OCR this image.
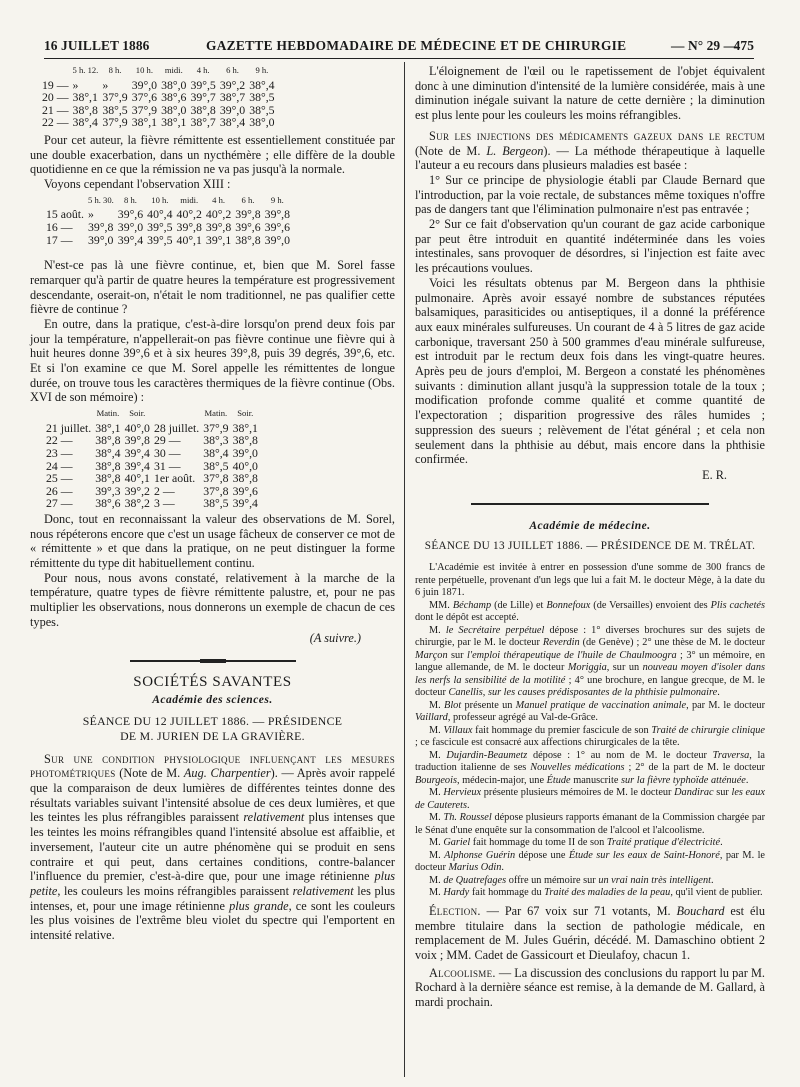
16 JUILLET 1886	GAZETTE HEBDOMADAIRE DE MÉDECINE ET DE CHIRURGIE	— N° 29 —
475
	5 h. 12.	8 h.	10 h.	midi.	4 h.	6 h.	9 h.
19 —	»	»	39°,0	38°,0	39°,5	39°,2	38°,4
20 —	38°,1	37°,9	37°,6	38°,6	39°,7	38°,7	38°,5
21 —	38°,8	38°,5	37°,9	38°,0	38°,8	39°,0	38°,5
22 —	38°,4	37°,9	38°,1	38°,1	38°,7	38°,4	38°,0

Pour cet auteur, la fièvre rémittente est essentiellement constituée par une double exacerbation, dans un nycthémère ; elle diffère de la double quotidienne en ce que la rémission ne va pas jusqu'à la normale.

Voyons cependant l'observation XIII :

	5 h. 30.	8 h.	10 h.	midi.	4 h.	6 h.	9 h.
15 août.	»	39°,6	40°,4	40°,2	40°,2	39°,8	39°,8
16 —	39°,8	39°,0	39°,5	39°,8	39°,8	39°,6	39°,6
17 —	39°,0	39°,4	39°,5	40°,1	39°,1	38°,8	39°,0

N'est-ce pas là une fièvre continue, et, bien que M. Sorel fasse remarquer qu'à partir de quatre heures la température est progressivement descendante, oserait-on, n'était le nom traditionnel, ne pas qualifier cette fièvre de continue ?

En outre, dans la pratique, c'est-à-dire lorsqu'on prend deux fois par jour la température, n'appellerait-on pas fièvre continue une fièvre qui à huit heures donne 39°,6 et à six heures 39°,8, puis 39 degrés, 39°,6, etc. Et si l'on examine ce que M. Sorel appelle les rémittentes de longue durée, on trouve tous les caractères thermiques de la fièvre continue (Obs. XVI de son mémoire) :

	Matin.	Soir.		Matin.	Soir.
21 juillet.	38°,1	40°,0	28 juillet.	37°,9	38°,1
22 —	38°,8	39°,8	29 —	38°,3	38°,8
23 —	38°,4	39°,4	30 —	38°,4	39°,0
24 —	38°,8	39°,4	31 —	38°,5	40°,0
25 —	38°,8	40°,1	1er août.	37°,8	38°,8
26 —	39°,3	39°,2	2 —	37°,8	39°,6
27 —	38°,6	38°,2	3 —	38°,5	39°,4

Donc, tout en reconnaissant la valeur des observations de M. Sorel, nous répéterons encore que c'est un usage fâcheux de conserver ce mot de « rémittente » et que dans la pratique, on ne peut distinguer la forme rémittente du type dit habituellement continu.

Pour nous, nous avons constaté, relativement à la marche de la température, quatre types de fièvre rémittente palustre, et, pour ne pas multiplier les observations, nous donnerons un exemple de chacun de ces types.

(A suivre.)
SOCIÉTÉS SAVANTES
Académie des sciences.
SÉANCE DU 12 JUILLET 1886. — PRÉSIDENCE
DE M. JURIEN DE LA GRAVIÈRE.

Sur une condition physiologique influençant les mesures photométriques (Note de M. Aug. Charpentier). — Après avoir rappelé que la comparaison de deux lumières de différentes teintes donne des résultats variables suivant l'intensité absolue de ces deux lumières, et que les teintes les plus réfrangibles paraissent relativement plus intenses que les teintes les moins réfrangibles quand l'intensité absolue est affaiblie, et inversement, l'auteur cite un autre phénomène qui se produit en sens contraire et qui peut, dans certaines conditions, contre-balancer l'influence du premier, c'est-à-dire que, pour une image rétinienne plus petite, les couleurs les moins réfrangibles paraissent relativement les plus intenses, et, pour une image rétinienne plus grande, ce sont les couleurs les plus voisines de l'extrême bleu violet du spectre qui l'emportent en intensité relative.

L'éloignement de l'œil ou le rapetissement de l'objet équivalent donc à une diminution d'intensité de la lumière considérée, mais à une diminution inégale suivant la nature de cette dernière ; la diminution est plus lente pour les couleurs les moins réfrangibles.

Sur les injections des médicaments gazeux dans le rectum (Note de M. L. Bergeon). — La méthode thérapeutique à laquelle l'auteur a eu recours dans plusieurs maladies est basée :

1° Sur ce principe de physiologie établi par Claude Bernard que l'introduction, par la voie rectale, de substances même toxiques n'offre pas de dangers tant que l'élimination pulmonaire n'est pas entravée ;

2° Sur ce fait d'observation qu'un courant de gaz acide carbonique par peut être introduit en quantité indéterminée dans les voies intestinales, sans provoquer de désordres, si l'injection est faite avec les précautions voulues.

Voici les résultats obtenus par M. Bergeon dans la phthisie pulmonaire. Après avoir essayé nombre de substances réputées balsamiques, parasiticides ou antiseptiques, il a donné la préférence aux eaux minérales sulfureuses. Un courant de 4 à 5 litres de gaz acide carbonique, traversant 250 à 500 grammes d'eau minérale sulfureuse, est introduit par le rectum deux fois dans les vingt-quatre heures. Après peu de jours d'emploi, M. Bergeon a constaté les phénomènes suivants : diminution allant jusqu'à la suppression totale de la toux ; modification profonde comme qualité et comme quantité de l'expectoration ; disparition progressive des râles humides ; suppression des sueurs ; relèvement de l'état général ; et cela non seulement dans la phthisie au début, mais encore dans la phthisie confirmée.

E. R.
Académie de médecine.
SÉANCE DU 13 JUILLET 1886. — PRÉSIDENCE DE M. TRÉLAT.

L'Académie est invitée à entrer en possession d'une somme de 300 francs de rente perpétuelle, provenant d'un legs que lui a fait M. le docteur Mège, à la date du 6 juin 1871.

MM. Béchamp (de Lille) et Bonnefoux (de Versailles) envoient des Plis cachetés dont le dépôt est accepté.

M. le Secrétaire perpétuel dépose : 1° diverses brochures sur des sujets de chirurgie, par le M. le docteur Reverdin (de Genève) ; 2° une thèse de M. le docteur Marçon sur l'emploi thérapeutique de l'huile de Chaulmoogra ; 3° un mémoire, en langue allemande, de M. le docteur Moriggia, sur un nouveau moyen d'isoler dans les nerfs la sensibilité de la motilité ; 4° une brochure, en langue grecque, de M. le docteur Canellis, sur les causes prédisposantes de la phthisie pulmonaire.

M. Blot présente un Manuel pratique de vaccination animale, par M. le docteur Vaillard, professeur agrégé au Val-de-Grâce.

M. Villaux fait hommage du premier fascicule de son Traité de chirurgie clinique ; ce fascicule est consacré aux affections chirurgicales de la tête.

M. Dujardin-Beaumetz dépose : 1° au nom de M. le docteur Traversa, la traduction italienne de ses Nouvelles médications ; 2° de la part de M. le docteur Bourgeois, médecin-major, une Étude manuscrite sur la fièvre typhoïde atténuée.

M. Hervieux présente plusieurs mémoires de M. le docteur Dandirac sur les eaux de Cauterets.

M. Th. Roussel dépose plusieurs rapports émanant de la Commission chargée par le Sénat d'une enquête sur la consommation de l'alcool et l'alcoolisme.

M. Gariel fait hommage du tome II de son Traité pratique d'électricité.

M. Alphonse Guérin dépose une Étude sur les eaux de Saint-Honoré, par M. le docteur Marius Odin.

M. de Quatrefages offre un mémoire sur un vrai nain très intelligent.

M. Hardy fait hommage du Traité des maladies de la peau, qu'il vient de publier.

Élection. — Par 67 voix sur 71 votants, M. Bouchard est élu membre titulaire dans la section de pathologie médicale, en remplacement de M. Jules Guérin, décédé. M. Damaschino obtient 2 voix ; MM. Cadet de Gassicourt et Dieulafoy, chacun 1.

Alcoolisme. — La discussion des conclusions du rapport lu par M. Rochard à la dernière séance est remise, à la demande de M. Gallard, à mardi prochain.
